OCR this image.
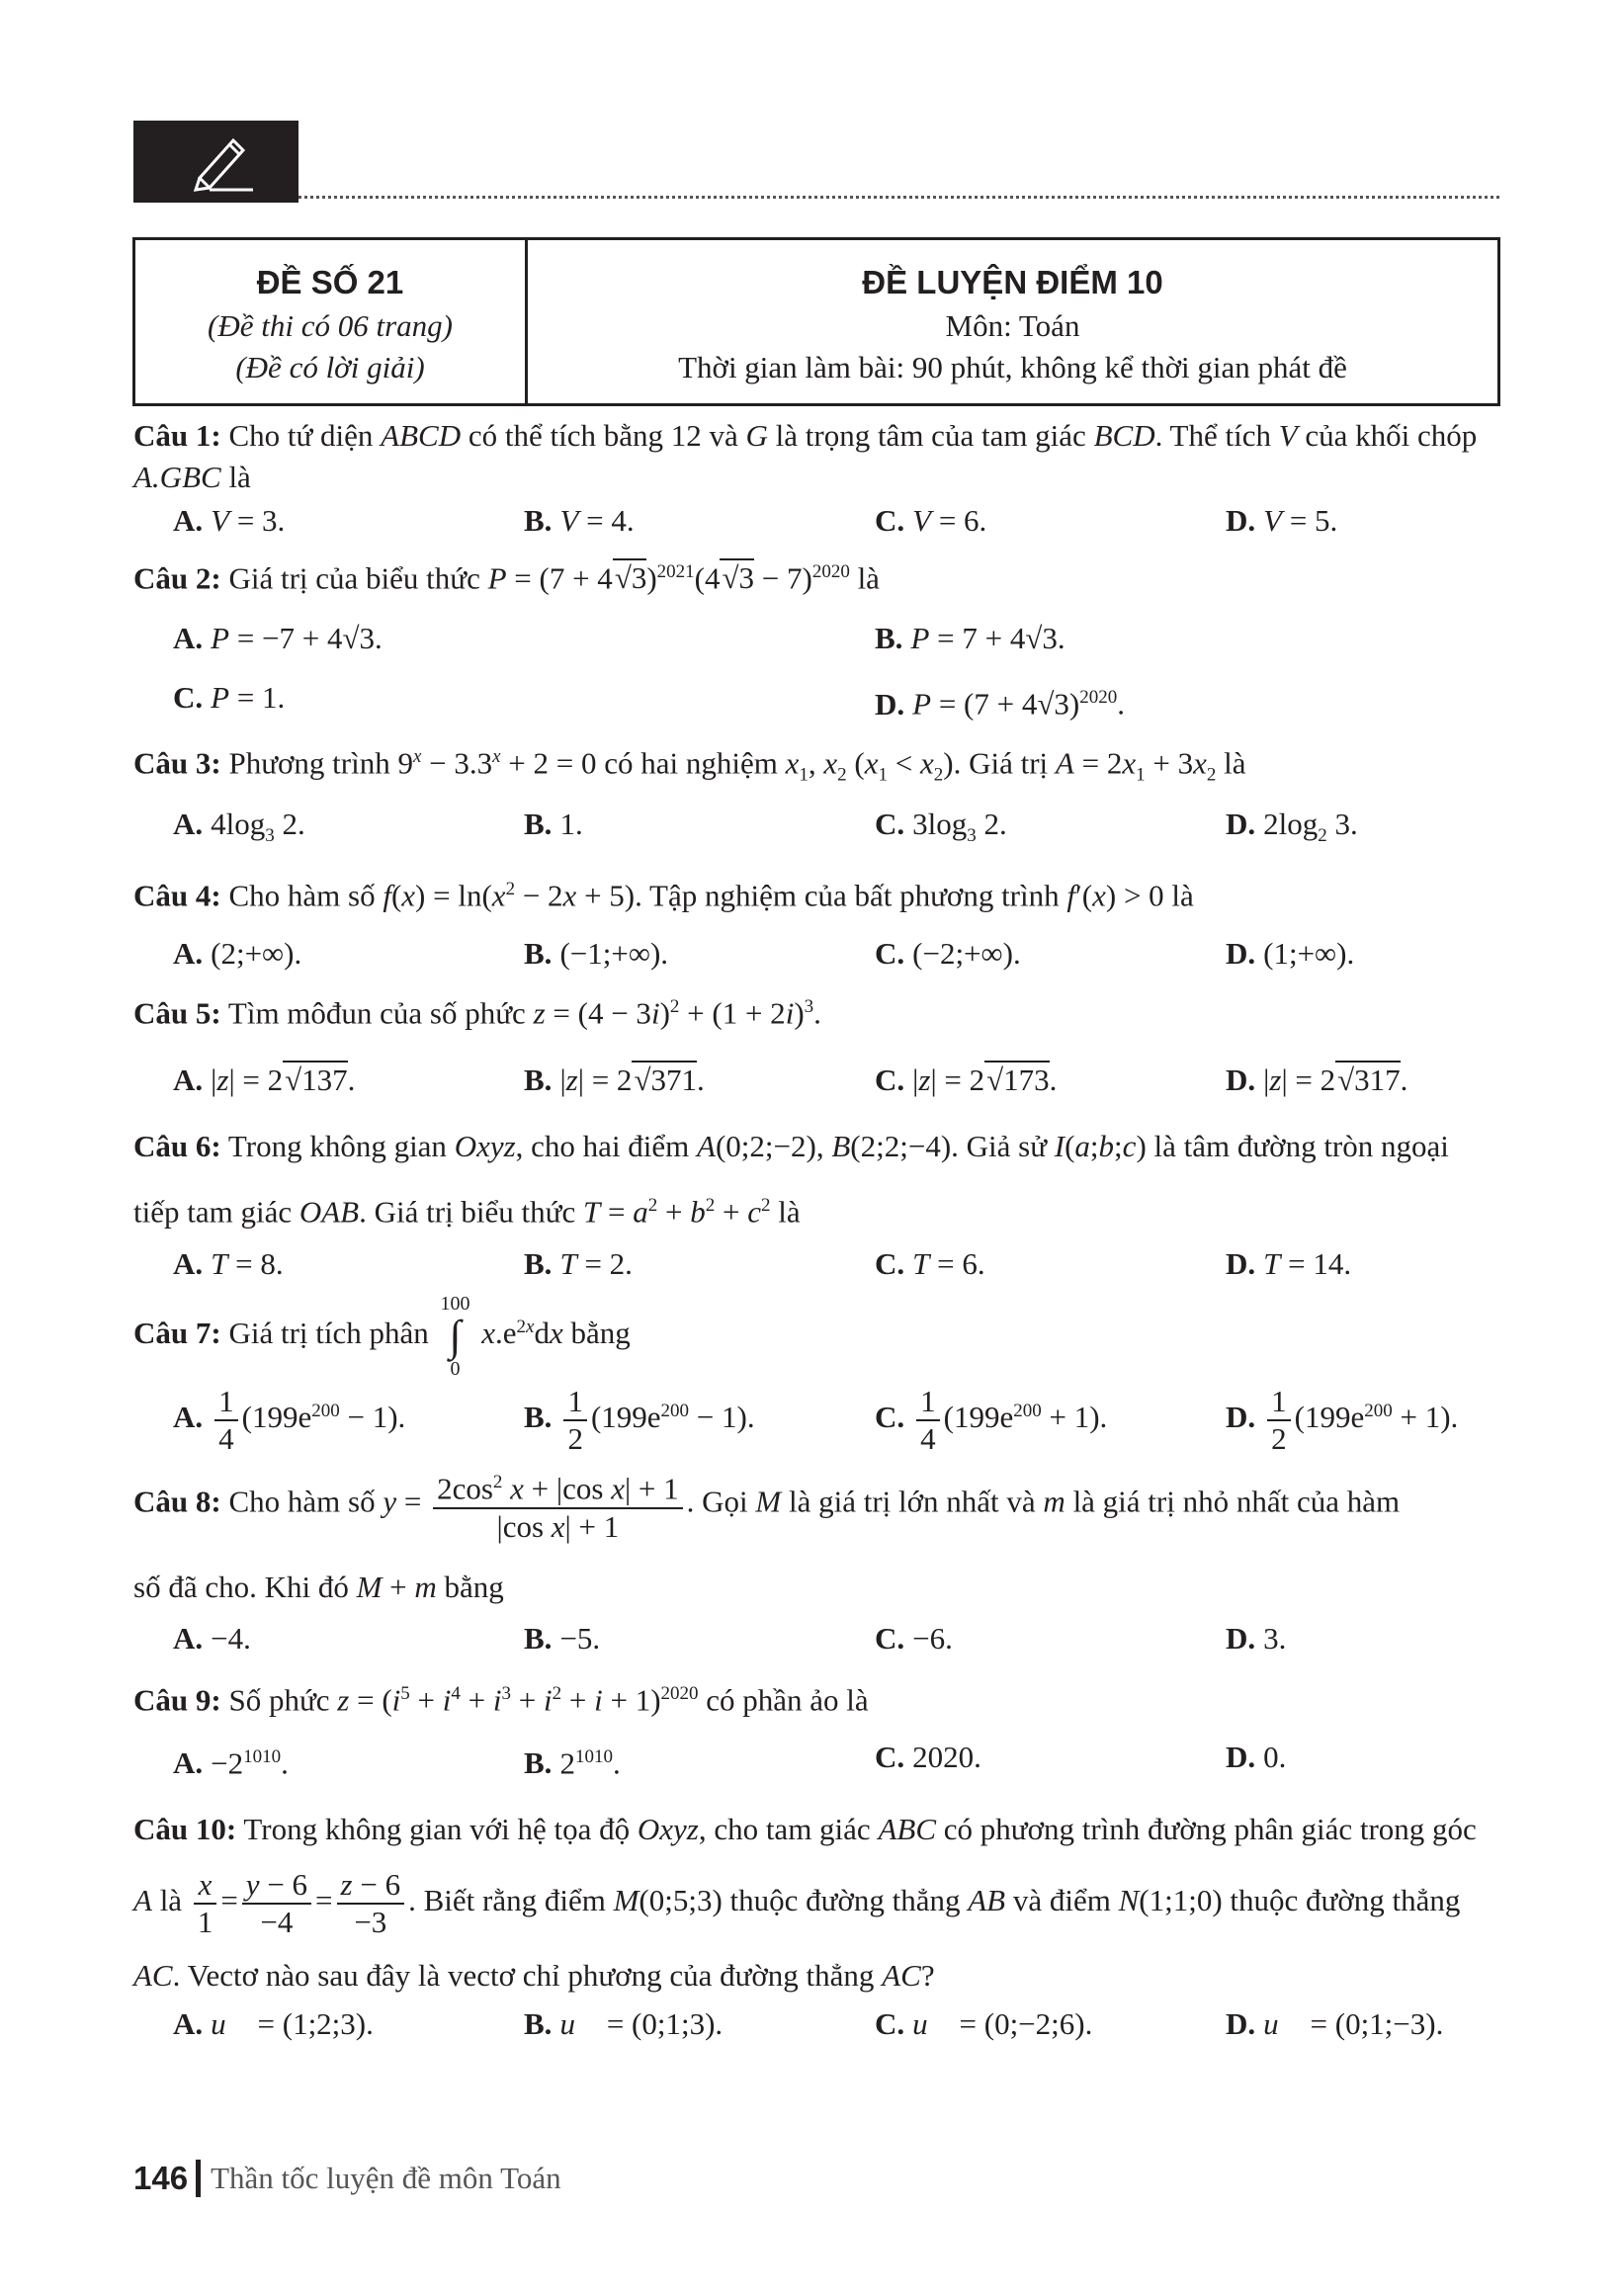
ĐỀ SỐ 21
(Đề thi có 06 trang)
(Đề có lời giải)
ĐỀ LUYỆN ĐIỂM 10
Môn: Toán
Thời gian làm bài: 90 phút, không kể thời gian phát đề
Câu 1: Cho tứ diện ABCD có thể tích bằng 12 và G là trọng tâm của tam giác BCD. Thể tích V của khối chóp A.GBC là
A. V = 3.	B. V = 4.	C. V = 6.	D. V = 5.
Câu 2: Giá trị của biểu thức $P = (7 + 4√3)^{2021}(4√3 - 7)^{2020}$ là
A. P = −7 + 4√3.	B. P = 7 + 4√3.
C. P = 1.	D. $P = (7 + 4√3)^{2020}$.
Câu 3: Phương trình $9^x - 3.3^x + 2 = 0$ có hai nghiệm $x_1$, $x_2$ $(x_1 < x_2)$. Giá trị $A = 2x_1 + 3x_2$ là
A. $4\log_3$ 2.	B. 1.	C. $3\log_3$ 2.	D. $2\log_2$ 3.
Câu 4: Cho hàm số $f(x) = \ln(x^2 - 2x + 5)$. Tập nghiệm của bất phương trình f′(x) > 0 là
A. (2;+∞).	B. (−1;+∞).	C. (−2;+∞).	D. (1;+∞).
Câu 5: Tìm môđun của số phức $z = (4 - 3i)^2 + (1 + 2i)^3$.
A. |z| = 2√137.	B. |z| = 2√371.	C. |z| = 2√173.	D. |z| = 2√317.
Câu 6: Trong không gian Oxyz, cho hai điểm A(0;2;−2), B(2;2;−4). Giả sử I(a;b;c) là tâm đường tròn ngoại tiếp tam giác OAB. Giá trị biểu thức $T = a^2 + b^2 + c^2$ là
A. T = 8.	B. T = 2.	C. T = 6.	D. T = 14.
Câu 7: Giá trị tích phân 100
∫
0 $x.e^{2x}dx$ bằng
A. $\frac{1}{4} (199e^{200} - 1)$.	B. $\frac{1}{2} (199e^{200} - 1)$.	C. $\frac{1}{4} (199e^{200} + 1)$.	D. $\frac{1}{2} (199e^{200} + 1)$.
Câu 8: Cho hàm số $y = \frac{2\cos^2 x + |\cos x| + 1}{\text{|cos x| + 1}}$ . Gọi M là giá trị lớn nhất và m là giá trị nhỏ nhất của hàm
số đã cho. Khi đó M + m bằng
A. −4.	B. −5.	C. −6.	D. 3.
Câu 9: Số phức $z = (i^5 + i^4 + i^3 + i^2 + i + 1)^{2020}$ có phần ảo là
A. $-2^{1010}$.	B. $2^{1010}$.	C. 2020.	D. 0.
Câu 10: Trong không gian với hệ tọa độ Oxyz, cho tam giác ABC có phương trình đường phân giác trong góc A là $\frac{x}{1} = \frac{y - 6}{-4} = \frac{z - 6}{-3}$ . Biết rằng điểm M(0;5;3) thuộc đường thẳng AB và điểm N(1;1;0) thuộc đường thẳng AC. Vectơ nào sau đây là vectơ chỉ phương của đường thẳng AC?
A. u⃗ = (1;2;3).	B. u⃗ = (0;1;3).	C. u⃗ = (0;−2;6).	D. u⃗ = (0;1;−3).
146 Thần tốc luyện đề môn Toán
